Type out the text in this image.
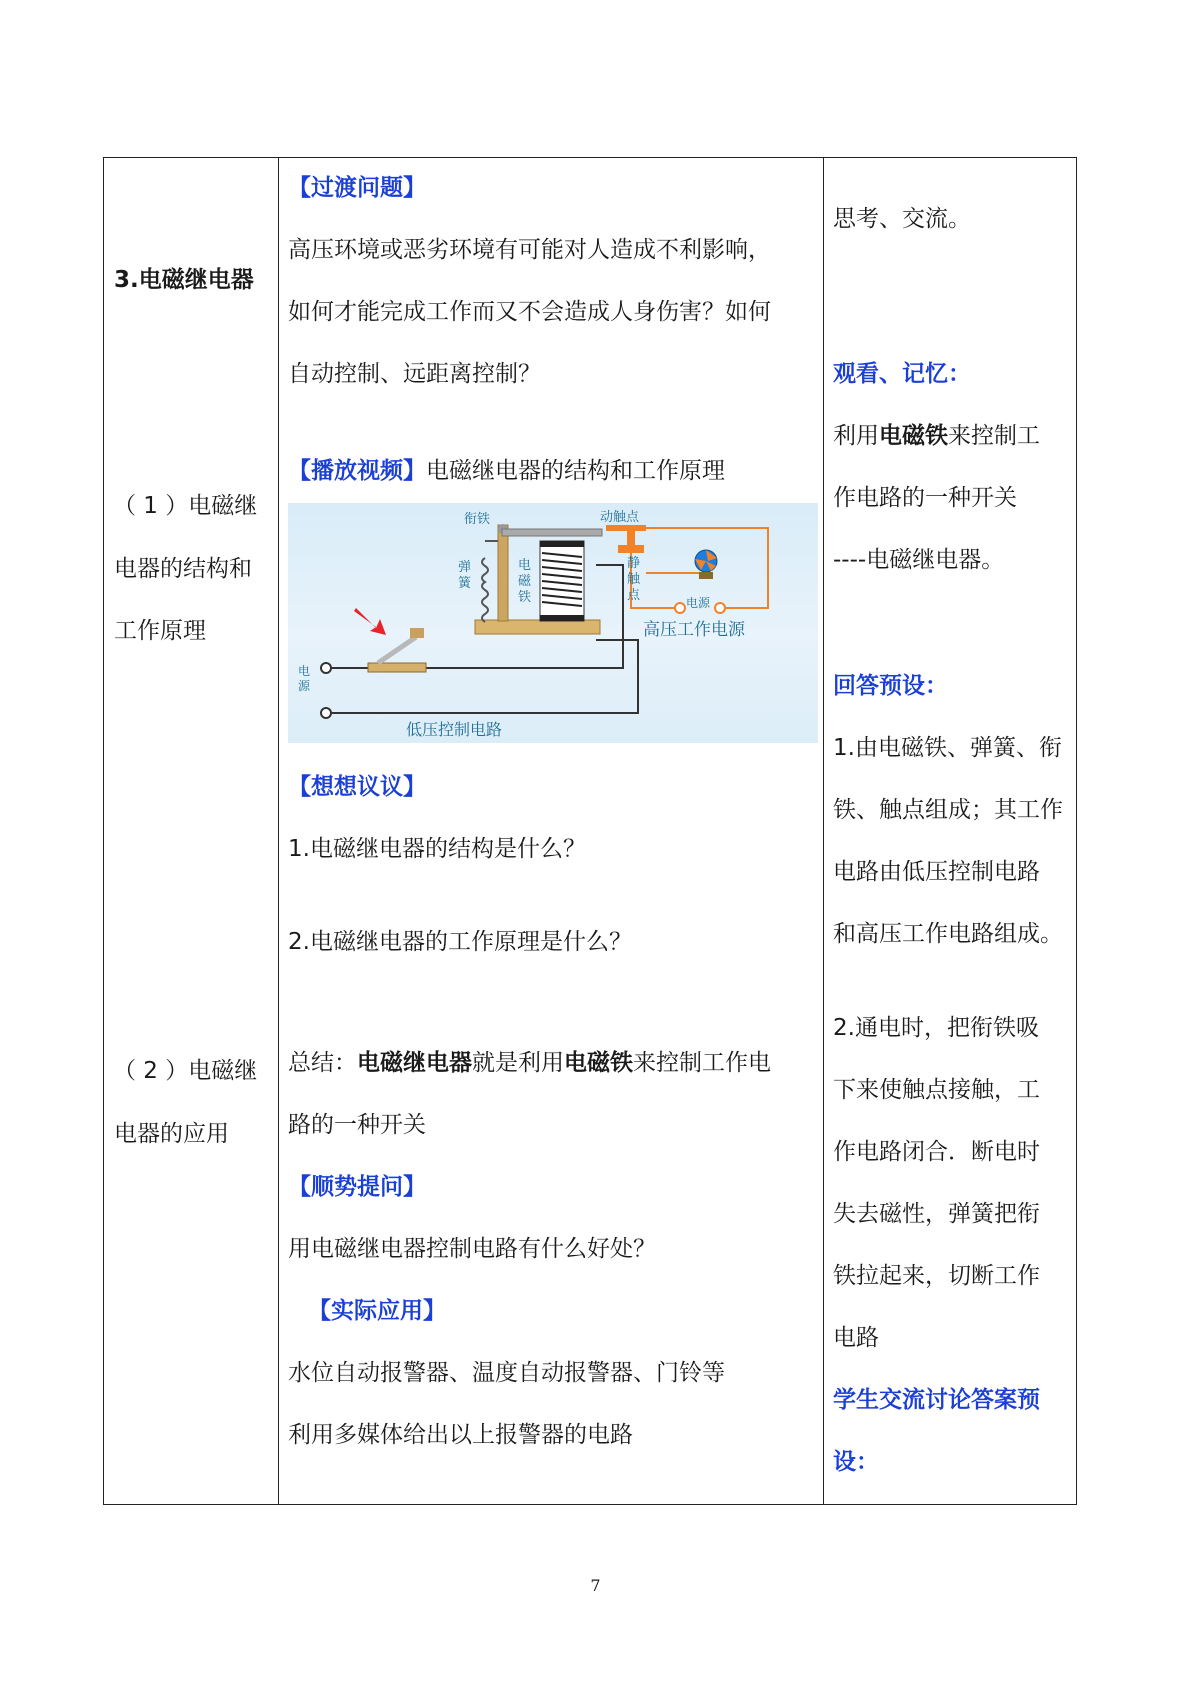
3.电磁继电器
（ 1 ）电磁继
电器的结构和
工作原理
（ 2 ）电磁继
电器的应用

【过渡问题】
高压环境或恶劣环境有可能对人造成不利影响，
如何才能完成工作而又不会造成人身伤害？如何
自动控制、远距离控制？
【播放视频】电磁继电器的结构和工作原理
衔铁	动触点
弹
簧
电
磁
铁
静
触
点	电源
高压工作电源
电
源
低压控制电路
【想想议议】
1.电磁继电器的结构是什么？
2.电磁继电器的工作原理是什么？
总结：电磁继电器就是利用电磁铁来控制工作电
路的一种开关
【顺势提问】
用电磁继电器控制电路有什么好处？
【实际应用】
水位自动报警器、温度自动报警器、门铃等
利用多媒体给出以上报警器的电路

思考、交流。
观看、记忆：
利用电磁铁来控制工
作电路的一种开关
----电磁继电器。
回答预设：
1.由电磁铁、弹簧、衔
铁、触点组成；其工作
电路由低压控制电路
和高压工作电路组成。
2.通电时，把衔铁吸
下来使触点接触，工
作电路闭合．断电时
失去磁性，弹簧把衔
铁拉起来，切断工作
电路
学生交流讨论答案预
设：
7
